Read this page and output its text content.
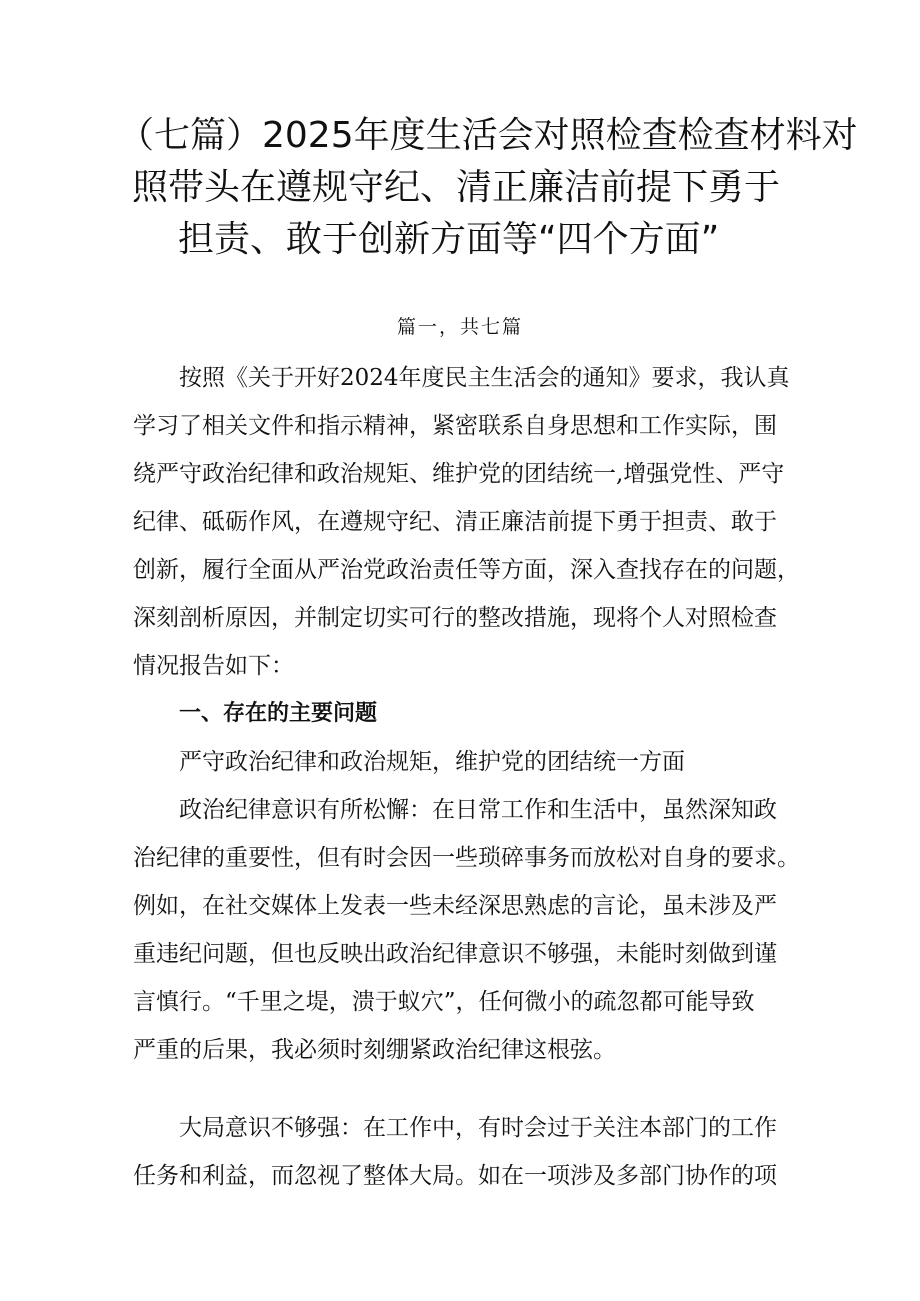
（七篇）2025年度生活会对照检查检查材料对
照带头在遵规守纪、清正廉洁前提下勇于
担责、敢于创新方面等“四个方面”
篇一，共七篇

按照《关于开好2024年度民主生活会的通知》要求，我认真
学习了相关文件和指示精神，紧密联系自身思想和工作实际，围
绕严守政治纪律和政治规矩、维护党的团结统一,增强党性、严守
纪律、砥砺作风，在遵规守纪、清正廉洁前提下勇于担责、敢于
创新，履行全面从严治党政治责任等方面，深入查找存在的问题，
深刻剖析原因，并制定切实可行的整改措施，现将个人对照检查
情况报告如下：

一、存在的主要问题

严守政治纪律和政治规矩，维护党的团结统一方面

政治纪律意识有所松懈：在日常工作和生活中，虽然深知政
治纪律的重要性，但有时会因一些琐碎事务而放松对自身的要求。
例如，在社交媒体上发表一些未经深思熟虑的言论，虽未涉及严
重违纪问题，但也反映出政治纪律意识不够强，未能时刻做到谨
言慎行。“千里之堤，溃于蚁穴”，任何微小的疏忽都可能导致
严重的后果，我必须时刻绷紧政治纪律这根弦。

大局意识不够强：在工作中，有时会过于关注本部门的工作
任务和利益，而忽视了整体大局。如在一项涉及多部门协作的项
